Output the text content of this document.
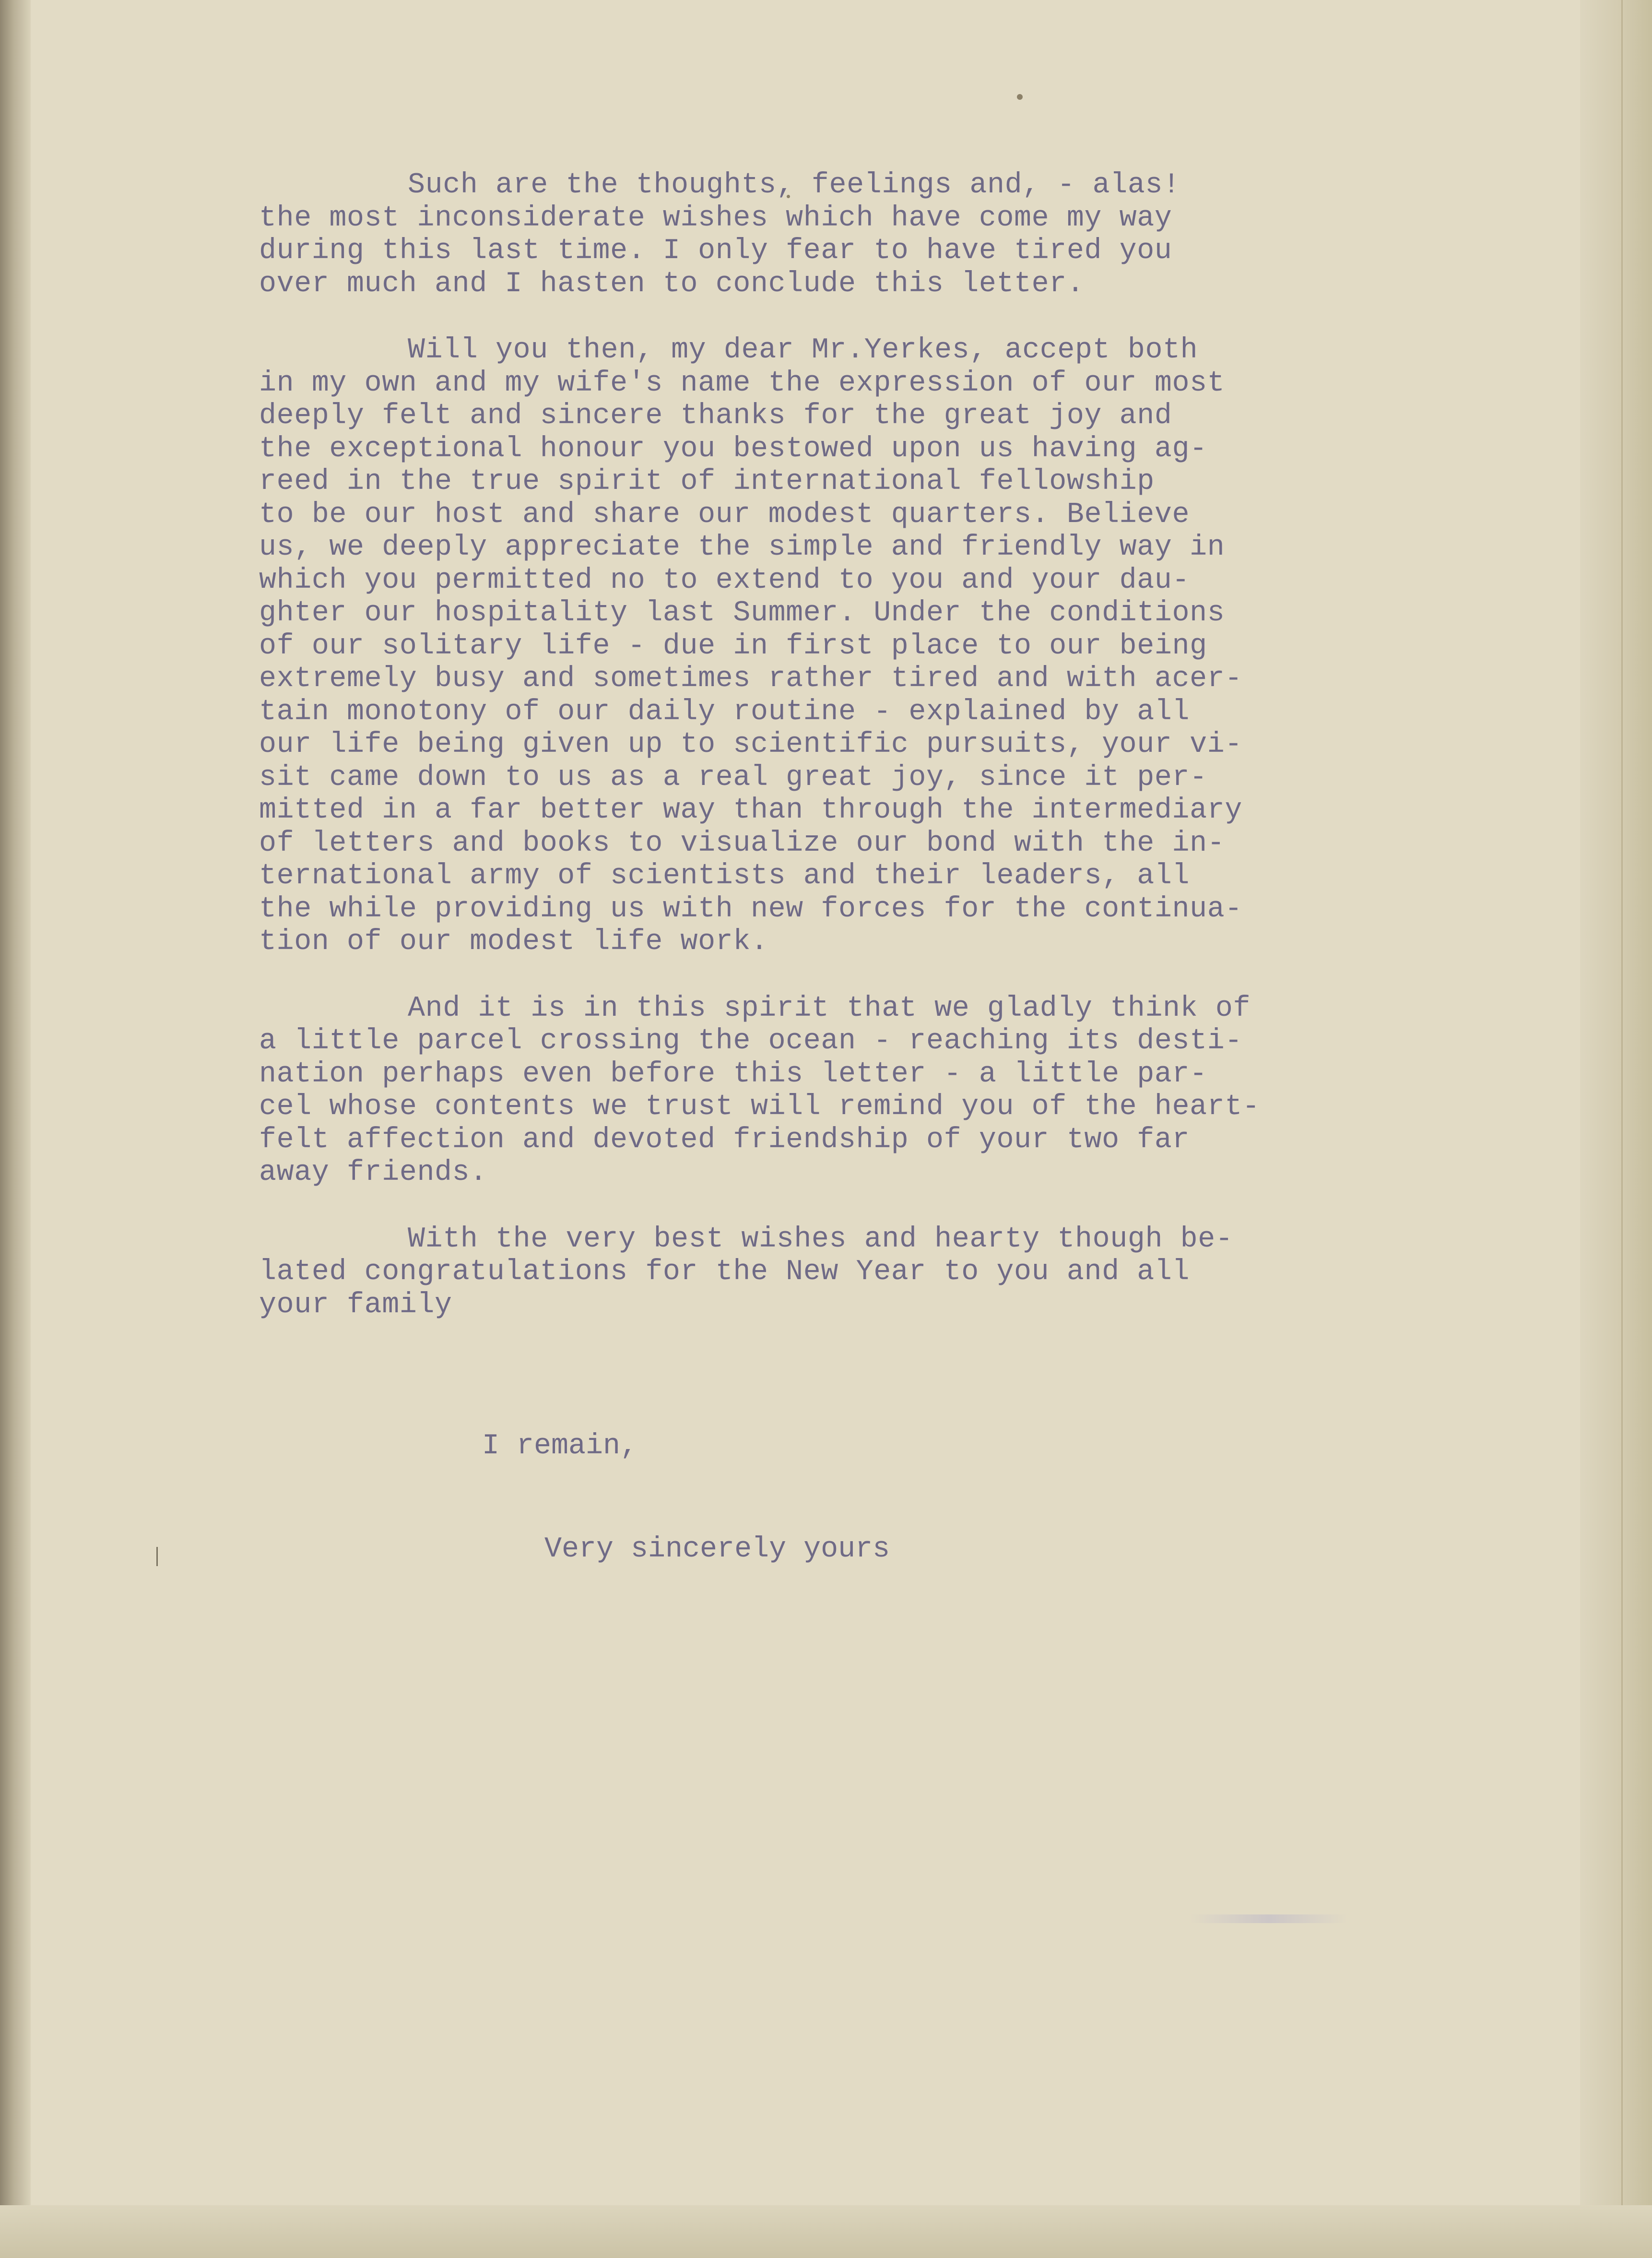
Such are the thoughts, feelings and, - alas!
the most inconsiderate wishes which have come my way
during this last time. I only fear to have tired you
over much and I hasten to conclude this letter.
Will you then, my dear Mr.Yerkes, accept both
in my own and my wife's name the expression of our most
deeply felt and sincere thanks for the great joy and
the exceptional honour you bestowed upon us having ag-
reed in the true spirit of international fellowship
to be our host and share our modest quarters. Believe
us, we deeply appreciate the simple and friendly way in
which you permitted no to extend to you and your dau-
ghter our hospitality last Summer. Under the conditions
of our solitary life - due in first place to our being
extremely busy and sometimes rather tired and with acer-
tain monotony of our daily routine - explained by all
our life being given up to scientific pursuits, your vi-
sit came down to us as a real great joy, since it per-
mitted in a far better way than through the intermediary
of letters and books to visualize our bond with the in-
ternational army of scientists and their leaders, all
the while providing us with new forces for the continua-
tion of our modest life work.
And it is in this spirit that we gladly think of
a little parcel crossing the ocean - reaching its desti-
nation perhaps even before this letter - a little par-
cel whose contents we trust will remind you of the heart-
felt affection and devoted friendship of your two far
away friends.
With the very best wishes and hearty though be-
lated congratulations for the New Year to you and all
your family
I remain,
Very sincerely yours
